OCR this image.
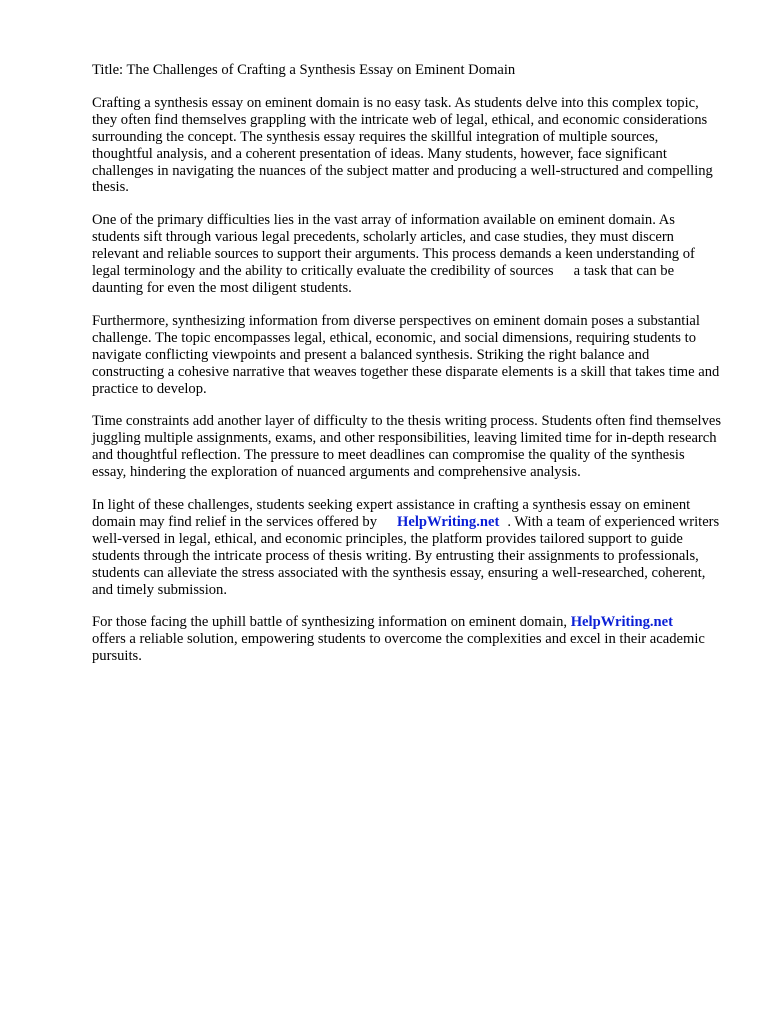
Title: The Challenges of Crafting a Synthesis Essay on Eminent Domain

Crafting a synthesis essay on eminent domain is no easy task. As students delve into this complex topic, they often find themselves grappling with the intricate web of legal, ethical, and economic considerations surrounding the concept. The synthesis essay requires the skillful integration of multiple sources, thoughtful analysis, and a coherent presentation of ideas. Many students, however, face significant challenges in navigating the nuances of the subject matter and producing a well-structured and compelling thesis.

One of the primary difficulties lies in the vast array of information available on eminent domain. As students sift through various legal precedents, scholarly articles, and case studies, they must discern relevant and reliable sources to support their arguments. This process demands a keen understanding of legal terminology and the ability to critically evaluate the credibility of sources a task that can be daunting for even the most diligent students.

Furthermore, synthesizing information from diverse perspectives on eminent domain poses a substantial challenge. The topic encompasses legal, ethical, economic, and social dimensions, requiring students to navigate conflicting viewpoints and present a balanced synthesis. Striking the right balance and constructing a cohesive narrative that weaves together these disparate elements is a skill that takes time and practice to develop.

Time constraints add another layer of difficulty to the thesis writing process. Students often find themselves juggling multiple assignments, exams, and other responsibilities, leaving limited time for in-depth research and thoughtful reflection. The pressure to meet deadlines can compromise the quality of the synthesis essay, hindering the exploration of nuanced arguments and comprehensive analysis.

In light of these challenges, students seeking expert assistance in crafting a synthesis essay on eminent domain may find relief in the services offered by HelpWriting.net . With a team of experienced writers well-versed in legal, ethical, and economic principles, the platform provides tailored support to guide students through the intricate process of thesis writing. By entrusting their assignments to professionals, students can alleviate the stress associated with the synthesis essay, ensuring a well-researched, coherent, and timely submission.

For those facing the uphill battle of synthesizing information on eminent domain, HelpWriting.netoffers a reliable solution, empowering students to overcome the complexities and excel in their academic pursuits.
